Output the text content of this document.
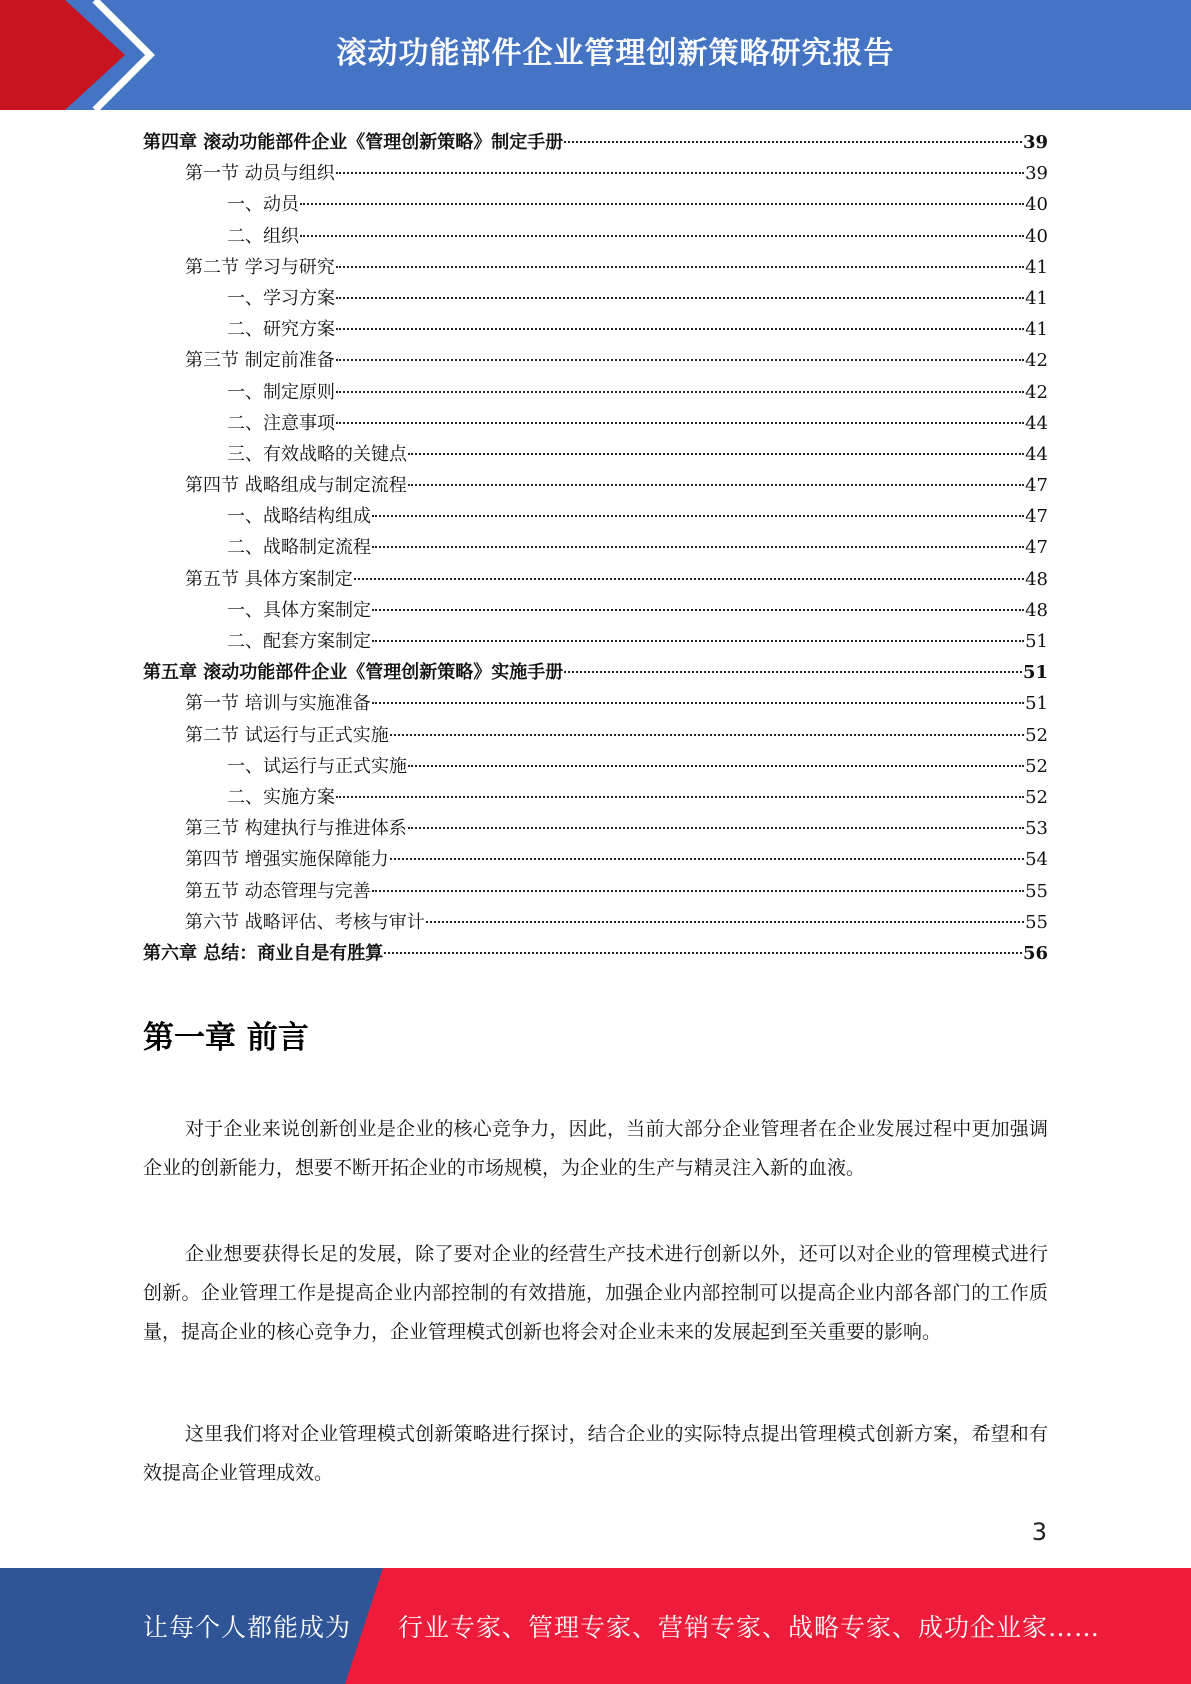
滚动功能部件企业管理创新策略研究报告
第四章 滚动功能部件企业《管理创新策略》制定手册	39
第一节 动员与组织	39
一、动员	40
二、组织	40
第二节 学习与研究	41
一、学习方案	41
二、研究方案	41
第三节 制定前准备	42
一、制定原则	42
二、注意事项	44
三、有效战略的关键点	44
第四节 战略组成与制定流程	47
一、战略结构组成	47
二、战略制定流程	47
第五节 具体方案制定	48
一、具体方案制定	48
二、配套方案制定	51
第五章 滚动功能部件企业《管理创新策略》实施手册	51
第一节 培训与实施准备	51
第二节 试运行与正式实施	52
一、试运行与正式实施	52
二、实施方案	52
第三节 构建执行与推进体系	53
第四节 增强实施保障能力	54
第五节 动态管理与完善	55
第六节 战略评估、考核与审计	55
第六章 总结：商业自是有胜算	56
第一章 前言

对于企业来说创新创业是企业的核心竞争力，因此，当前大部分企业管理者在企业发展过程中更加强调企业的创新能力，想要不断开拓企业的市场规模，为企业的生产与精灵注入新的血液。

企业想要获得长足的发展，除了要对企业的经营生产技术进行创新以外，还可以对企业的管理模式进行创新。企业管理工作是提高企业内部控制的有效措施，加强企业内部控制可以提高企业内部各部门的工作质量，提高企业的核心竞争力，企业管理模式创新也将会对企业未来的发展起到至关重要的影响。

这里我们将对企业管理模式创新策略进行探讨，结合企业的实际特点提出管理模式创新方案，希望和有效提高企业管理成效。

3
让每个人都能成为 行业专家、管理专家、营销专家、战略专家、成功企业家……
